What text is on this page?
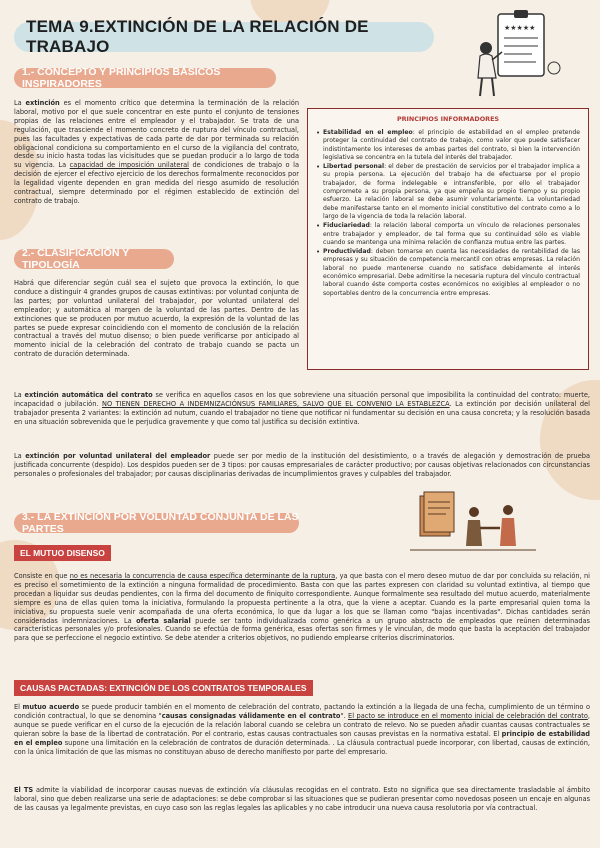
TEMA 9.EXTINCIÓN DE LA RELACIÓN DE TRABAJO
★★★★★
1.- CONCEPTO Y PRINCIPIOS BÁSICOS INSPIRADORES
La extinción es el momento crítico que determina la terminación de la relación laboral, motivo por el que suele concentrar en este punto el conjunto de tensiones propias de las relaciones entre el empleador y el trabajador. Se trata de una regulación, que trasciende el momento concreto de ruptura del vínculo contractual, pues las facultades y expectativas de cada parte de dar por terminada su relación obligacional condiciona su comportamiento en el curso de la vigilancia del contrato, desde su inicio hasta todas las vicisitudes que se puedan producir a lo largo de toda su vigencia. La capacidad de imposición unilateral de condiciones de trabajo o la decisión de ejercer el efectivo ejercicio de los derechos formalmente reconocidos por la legalidad vigente dependen en gran medida del riesgo asumido de resolución contractual, siempre determinado por el régimen establecido de extinción del contrato de trabajo.
PRINCIPIOS INFORMADORES
• Estabilidad en el empleo: el principio de estabilidad en el empleo pretende proteger la continuidad del contrato de trabajo, como valor que puede satisfacer indistintamente los intereses de ambas partes del contrato, si bien la intervención legislativa se concentra en la tutela del interés del trabajador.
• Libertad personal: el deber de prestación de servicios por el trabajador implica a su propia persona. La ejecución del trabajo ha de efectuarse por el propio trabajador, de forma indelegable e intransferible, por ello el trabajador compromete a su propia persona, ya que empeña su propio tiempo y su propio esfuerzo. La relación laboral se debe asumir voluntariamente. La voluntariedad debe manifestarse tanto en el momento inicial constitutivo del contrato como a lo largo de la vigencia de toda la relación laboral.
• Fiduciariedad: la relación laboral comporta un vínculo de relaciones personales entre trabajador y empleador, de tal forma que su continuidad sólo es viable cuando se mantenga una mínima relación de confianza mutua entre las partes.
• Productividad: deben tomarse en cuenta las necesidades de rentabilidad de las empresas y su situación de competencia mercantil con otras empresas. La relación laboral no puede mantenerse cuando no satisface debidamente el interés económico empresarial. Debe admitirse la necesaria ruptura del vínculo contractual laboral cuando éste comporta costes económicos no exigibles al empleador o no soportables dentro de la concurrencia entre empresas.
2.- CLASIFICACIÓN Y TIPOLOGÍA
Habrá que diferenciar según cuál sea el sujeto que provoca la extinción, lo que conduce a distinguir 4 grandes grupos de causas extintivas: por voluntad conjunta de las partes; por voluntad unilateral del trabajador, por voluntad unilateral del empleador; y automática al margen de la voluntad de las partes. Dentro de las extinciones que se producen por mutuo acuerdo, la expresión de la voluntad de las partes se puede expresar coincidiendo con el momento de conclusión de la relación contractual a través del mutuo disenso; o bien puede verificarse por anticipado al momento inicial de la celebración del contrato de trabajo cuando se pacta un contrato de duración determinada.
La extinción automática del contrato se verifica en aquellos casos en los que sobreviene una situación personal que imposibilita la continuidad del contrato: muerte, incapacidad o jubilación. NO TIENEN DERECHO A INDEMNIZACIÓNSUS FAMILIARES, SALVO QUE EL CONVENIO LA ESTABLEZCA. La extinción por decisión unilateral del trabajador presenta 2 variantes: la extinción ad nutum, cuando el trabajador no tiene que notificar ni fundamentar su decisión en una causa concreta; y la resolución basada en una situación sobrevenida que le perjudica gravemente y que como tal justifica su decisión extintiva.
La extinción por voluntad unilateral del empleador puede ser por medio de la institución del desistimiento, o a través de alegación y demostración de prueba justificada concurrente (despido). Los despidos pueden ser de 3 tipos: por causas empresariales de carácter productivo; por causas objetivas relacionados con circunstancias personales o profesionales del trabajador; por causas disciplinarias derivadas de incumplimientos graves y culpables del trabajador.
3.- LA EXTINCIÓN POR VOLUNTAD CONJUNTA DE LAS PARTES
EL MUTUO DISENSO
Consiste en que no es necesaria la concurrencia de causa específica determinante de la ruptura, ya que basta con el mero deseo mutuo de dar por concluida su relación, ni es preciso el sometimiento de la extinción a ninguna formalidad de procedimiento. Basta con que las partes expresen con claridad su voluntad extintiva, al tiempo que procedan a liquidar sus deudas pendientes, con la firma del documento de finiquito correspondiente. Aunque formalmente sea resultado del mutuo acuerdo, materialmente siempre es una de ellas quien toma la iniciativa, formulando la propuesta pertinente a la otra, que la viene a aceptar. Cuando es la parte empresarial quien toma la iniciativa, su propuesta suele venir acompañada de una oferta económica, lo que da lugar a los que se llaman como "bajas incentivadas". Dichas cantidades serán consideradas indemnizaciones. La oferta salarial puede ser tanto individualizada como genérica a un grupo abstracto de empleados que reúnen determinadas características personales y/o profesionales. Cuando se efectúa de forma genérica, esas ofertas son firmes y le vinculan, de modo que basta la aceptación del trabajador para que se perfeccione el negocio extintivo. Se debe atender a criterios objetivos, no pudiendo emplearse criterios discriminatorios.
CAUSAS PACTADAS: EXTINCIÓN DE LOS CONTRATOS TEMPORALES
El mutuo acuerdo se puede producir también en el momento de celebración del contrato, pactando la extinción a la llegada de una fecha, cumplimiento de un término o condición contractual, lo que se denomina "causas consignadas válidamente en el contrato". El pacto se introduce en el momento inicial de celebración del contrato, aunque se puede verificar en el curso de la ejecución de la relación laboral cuando se celebra un contrato de relevo. No se pueden añadir cuantas causas contractuales se quieran sobre la base de la libertad de contratación. Por el contrario, estas causas contractuales son causas previstas en la normativa estatal. El principio de estabilidad en el empleo supone una limitación en la celebración de contratos de duración determinada. . La cláusula contractual puede incorporar, con libertad, causas de extinción, con la única limitación de que las mismas no constituyan abuso de derecho manifiesto por parte del empresario.
El TS admite la viabilidad de incorporar causas nuevas de extinción vía cláusulas recogidas en el contrato. Esto no significa que sea directamente trasladable al ámbito laboral, sino que deben realizarse una serie de adaptaciones: se debe comprobar si las situaciones que se pudieran presentar como novedosas poseen un encaje en algunas de las causas ya legalmente previstas, en cuyo caso son las reglas legales las aplicables y no cabe introducir una nueva causa resolutoria por vía contractual.
